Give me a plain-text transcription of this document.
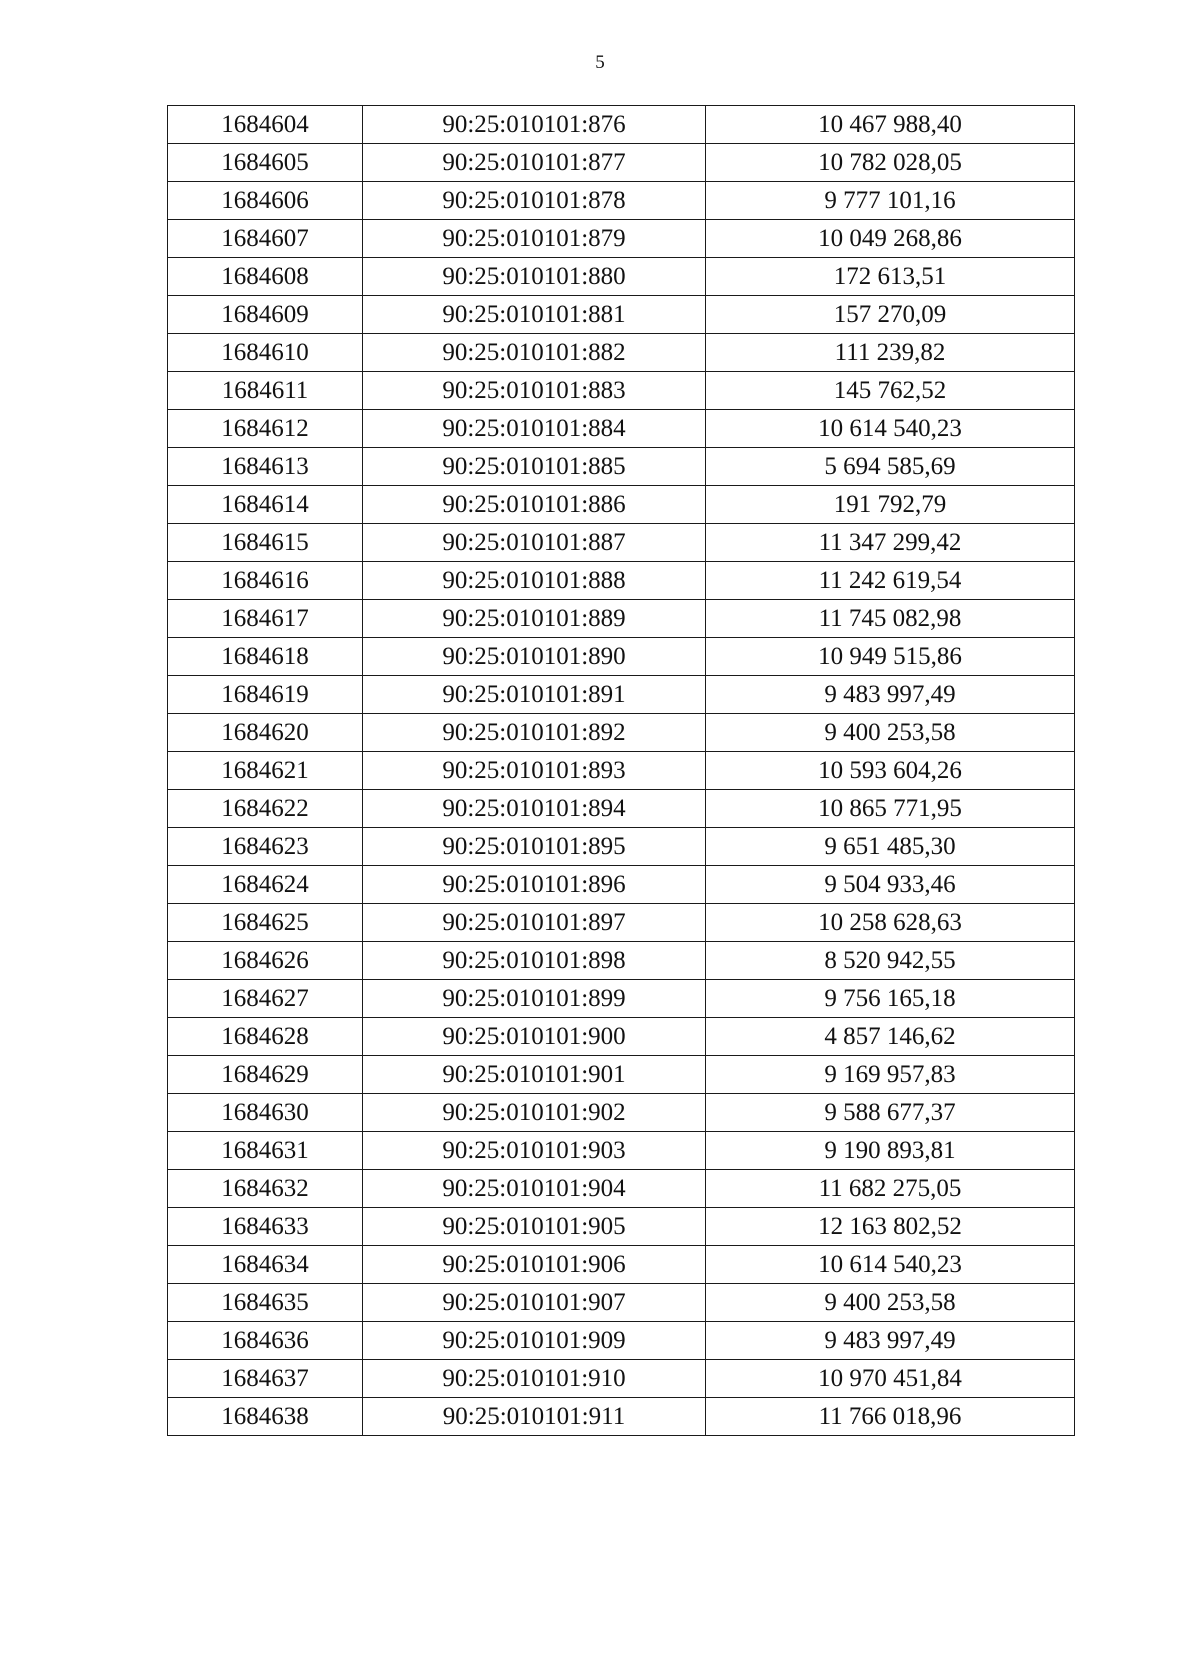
5
1684604	90:25:010101:876	10 467 988,40
1684605	90:25:010101:877	10 782 028,05
1684606	90:25:010101:878	9 777 101,16
1684607	90:25:010101:879	10 049 268,86
1684608	90:25:010101:880	172 613,51
1684609	90:25:010101:881	157 270,09
1684610	90:25:010101:882	111 239,82
1684611	90:25:010101:883	145 762,52
1684612	90:25:010101:884	10 614 540,23
1684613	90:25:010101:885	5 694 585,69
1684614	90:25:010101:886	191 792,79
1684615	90:25:010101:887	11 347 299,42
1684616	90:25:010101:888	11 242 619,54
1684617	90:25:010101:889	11 745 082,98
1684618	90:25:010101:890	10 949 515,86
1684619	90:25:010101:891	9 483 997,49
1684620	90:25:010101:892	9 400 253,58
1684621	90:25:010101:893	10 593 604,26
1684622	90:25:010101:894	10 865 771,95
1684623	90:25:010101:895	9 651 485,30
1684624	90:25:010101:896	9 504 933,46
1684625	90:25:010101:897	10 258 628,63
1684626	90:25:010101:898	8 520 942,55
1684627	90:25:010101:899	9 756 165,18
1684628	90:25:010101:900	4 857 146,62
1684629	90:25:010101:901	9 169 957,83
1684630	90:25:010101:902	9 588 677,37
1684631	90:25:010101:903	9 190 893,81
1684632	90:25:010101:904	11 682 275,05
1684633	90:25:010101:905	12 163 802,52
1684634	90:25:010101:906	10 614 540,23
1684635	90:25:010101:907	9 400 253,58
1684636	90:25:010101:909	9 483 997,49
1684637	90:25:010101:910	10 970 451,84
1684638	90:25:010101:911	11 766 018,96
